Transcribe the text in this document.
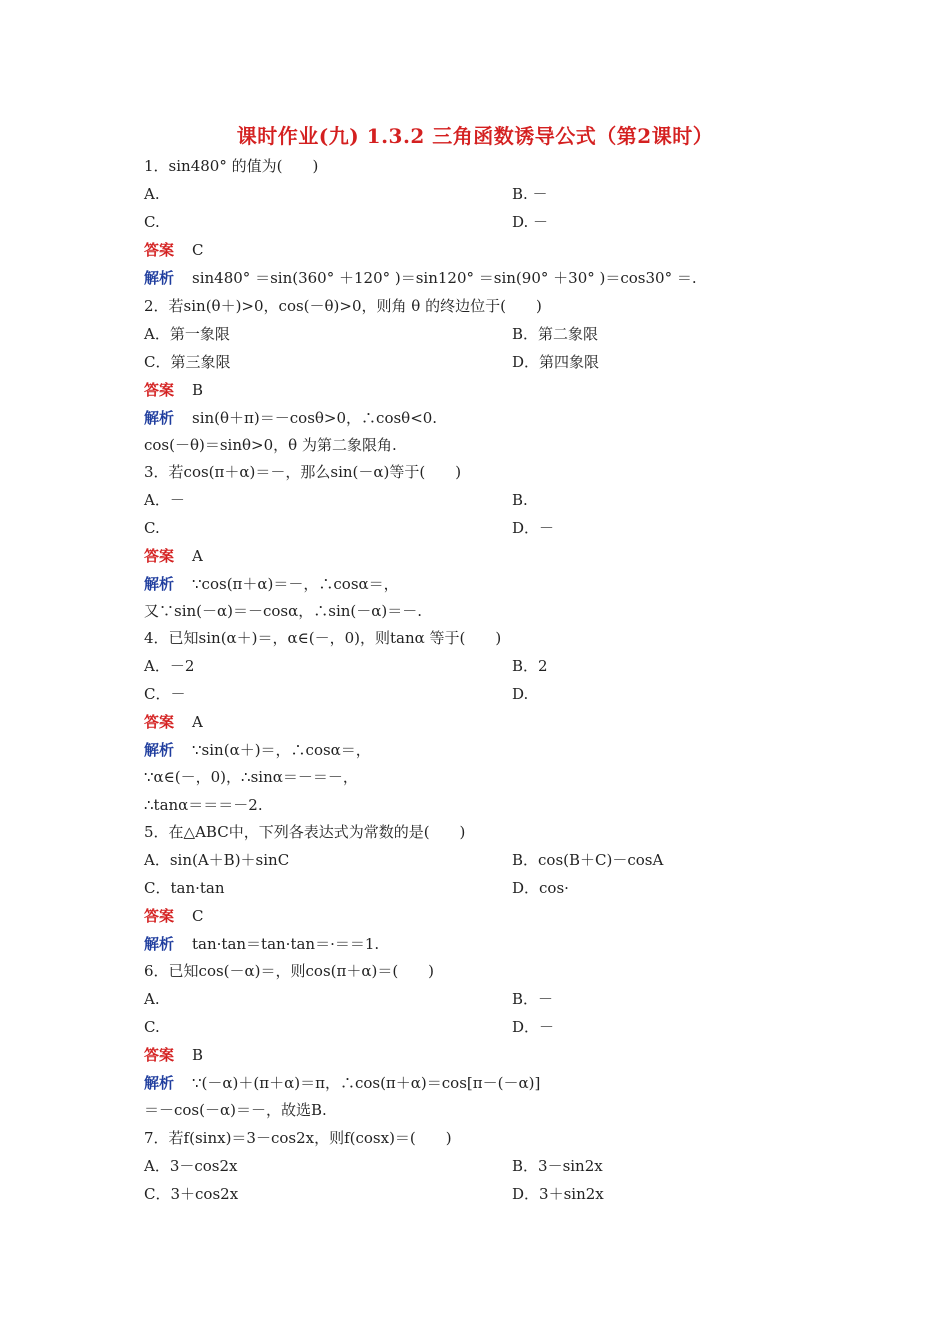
课时作业(九) 1.3.2 三角函数诱导公式（第2课时）
1．sin480° 的值为(　　)
A.	B. －
C.	D. －
答案 C
解析 sin480° ＝sin(360° ＋120° )＝sin120° ＝sin(90° ＋30° )＝cos30° ＝.
2．若sin(θ＋)>0，cos(－θ)>0，则角 θ 的终边位于(　　)
A．第一象限	B．第二象限
C．第三象限	D．第四象限
答案 B
解析 sin(θ＋π)＝－cosθ>0，∴cosθ<0.
cos(－θ)＝sinθ>0，θ 为第二象限角.
3．若cos(π＋α)＝－，那么sin(－α)等于(　　)
A．－	B.
C.	D．－
答案 A
解析 ∵cos(π＋α)＝－，∴cosα＝，
又∵sin(－α)＝－cosα，∴sin(－α)＝－.
4．已知sin(α＋)＝，α∈(－，0)，则tanα 等于(　　)
A．－2	B．2
C．－	D.
答案 A
解析 ∵sin(α＋)＝，∴cosα＝，
∵α∈(－，0)，∴sinα＝－＝－，
∴tanα＝＝＝－2.
5．在△ABC中，下列各表达式为常数的是(　　)
A．sin(A＋B)＋sinC	B．cos(B＋C)－cosA
C．tan·tan	D．cos·
答案 C
解析 tan·tan＝tan·tan＝·＝＝1.
6．已知cos(－α)＝，则cos(π＋α)＝(　　)
A.	B．－
C.	D．－
答案 B
解析 ∵(－α)＋(π＋α)＝π，∴cos(π＋α)＝cos[π－(－α)]
＝－cos(－α)＝－，故选B.
7．若f(sinx)＝3－cos2x，则f(cosx)＝(　　)
A．3－cos2x	B．3－sin2x
C．3＋cos2x	D．3＋sin2x
